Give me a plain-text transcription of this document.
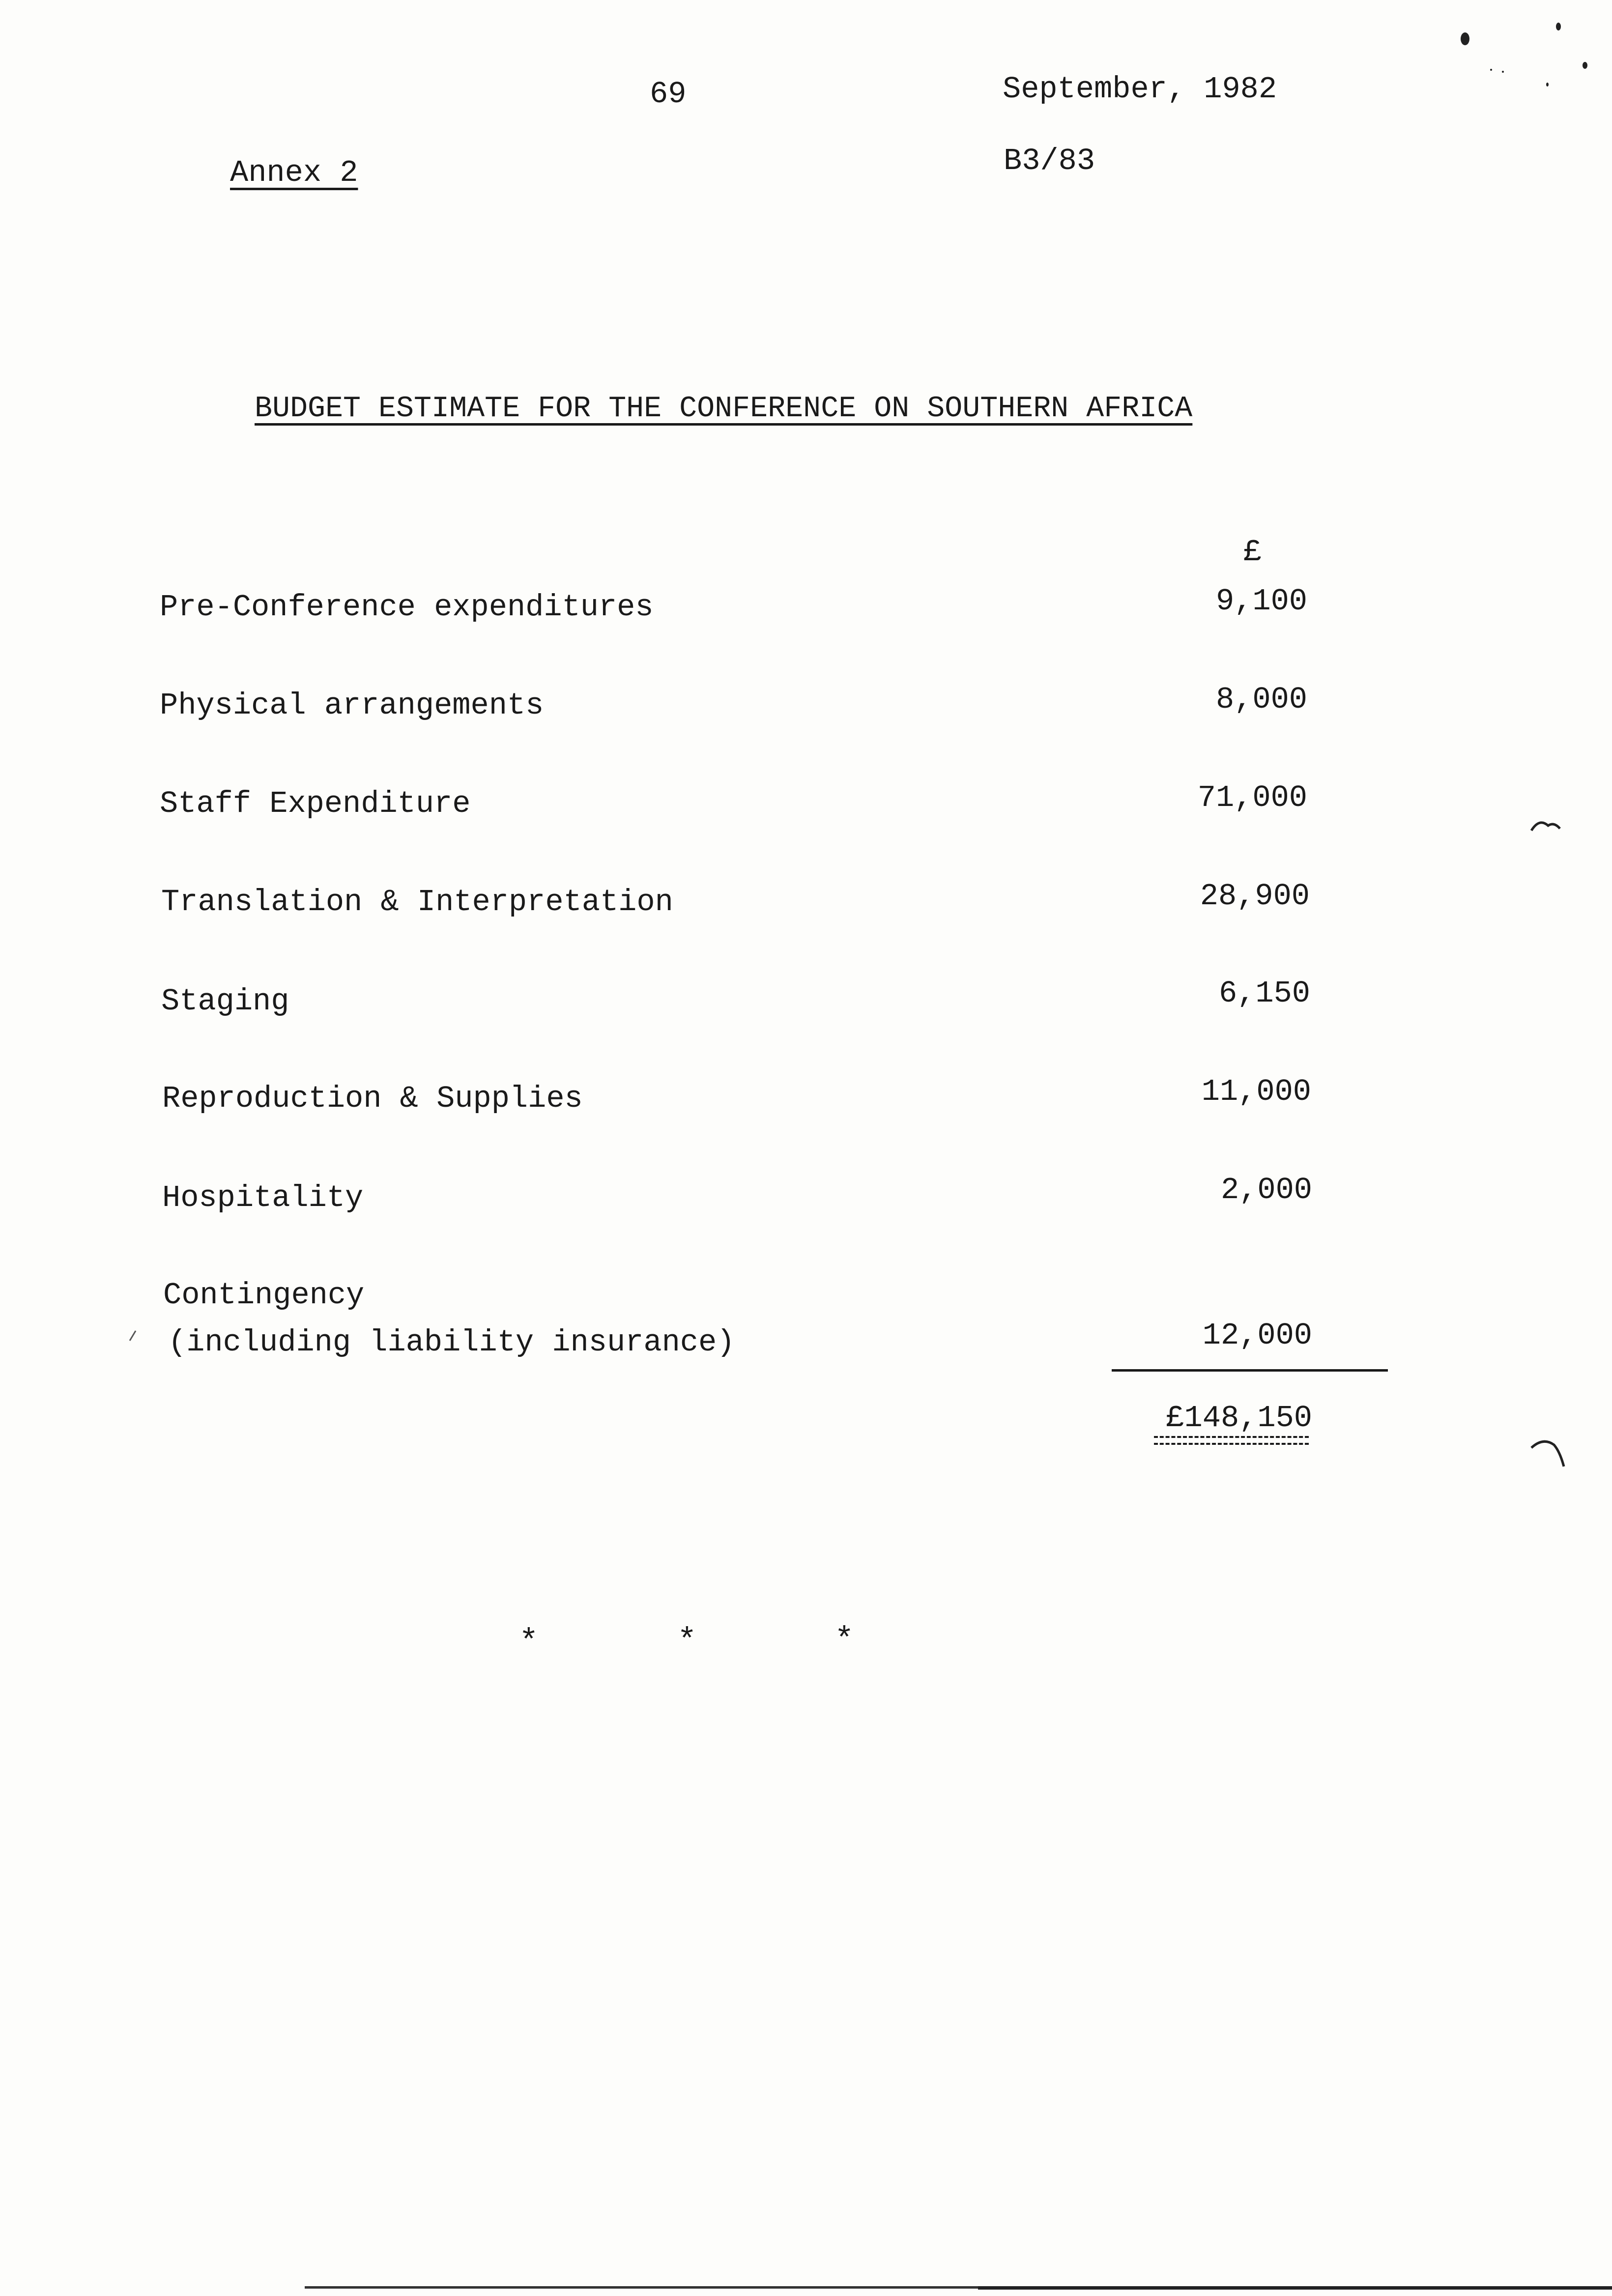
69	September, 1982
Annex 2	B3/83
BUDGET ESTIMATE FOR THE CONFERENCE ON SOUTHERN AFRICA
£
Pre-Conference expenditures	9,100
Physical arrangements	8,000
Staff Expenditure	71,000
Translation & Interpretation	28,900
Staging	6,150
Reproduction & Supplies	11,000
Hospitality	2,000
Contingency
(including liability insurance)	12,000
£148,150
*	*	*
